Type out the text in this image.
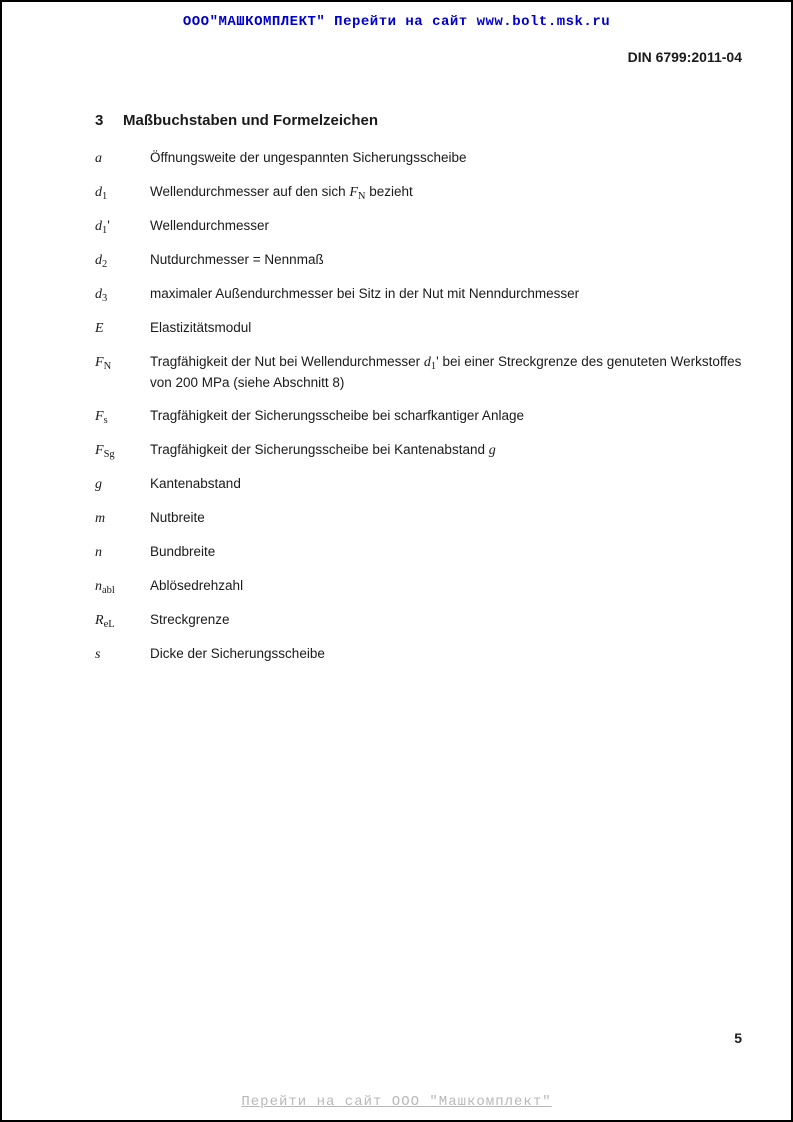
ООО"МАШКОМПЛЕКТ" Перейти на сайт www.bolt.msk.ru
DIN 6799:2011-04
3 Maßbuchstaben und Formelzeichen
a	Öffnungsweite der ungespannten Sicherungsscheibe
$d_1$	Wellendurchmesser auf den sich $F_N$ bezieht
$d_1'$	Wellendurchmesser
$d_2$	Nutdurchmesser = Nennmaß
$d_3$	maximaler Außendurchmesser bei Sitz in der Nut mit Nenndurchmesser
E	Elastizitätsmodul
$F_N$	Tragfähigkeit der Nut bei Wellendurchmesser $d_1'$ bei einer Streckgrenze des genuteten Werkstoffes von 200 MPa (siehe Abschnitt 8)
$F_s$	Tragfähigkeit der Sicherungsscheibe bei scharfkantiger Anlage
$F_{Sg}$	Tragfähigkeit der Sicherungsscheibe bei Kantenabstand g
g	Kantenabstand
m	Nutbreite
n	Bundbreite
$n_{abl}$	Ablösedrehzahl
$R_{eL}$	Streckgrenze
s	Dicke der Sicherungsscheibe
5
Перейти на сайт ООО "Машкомплект"
